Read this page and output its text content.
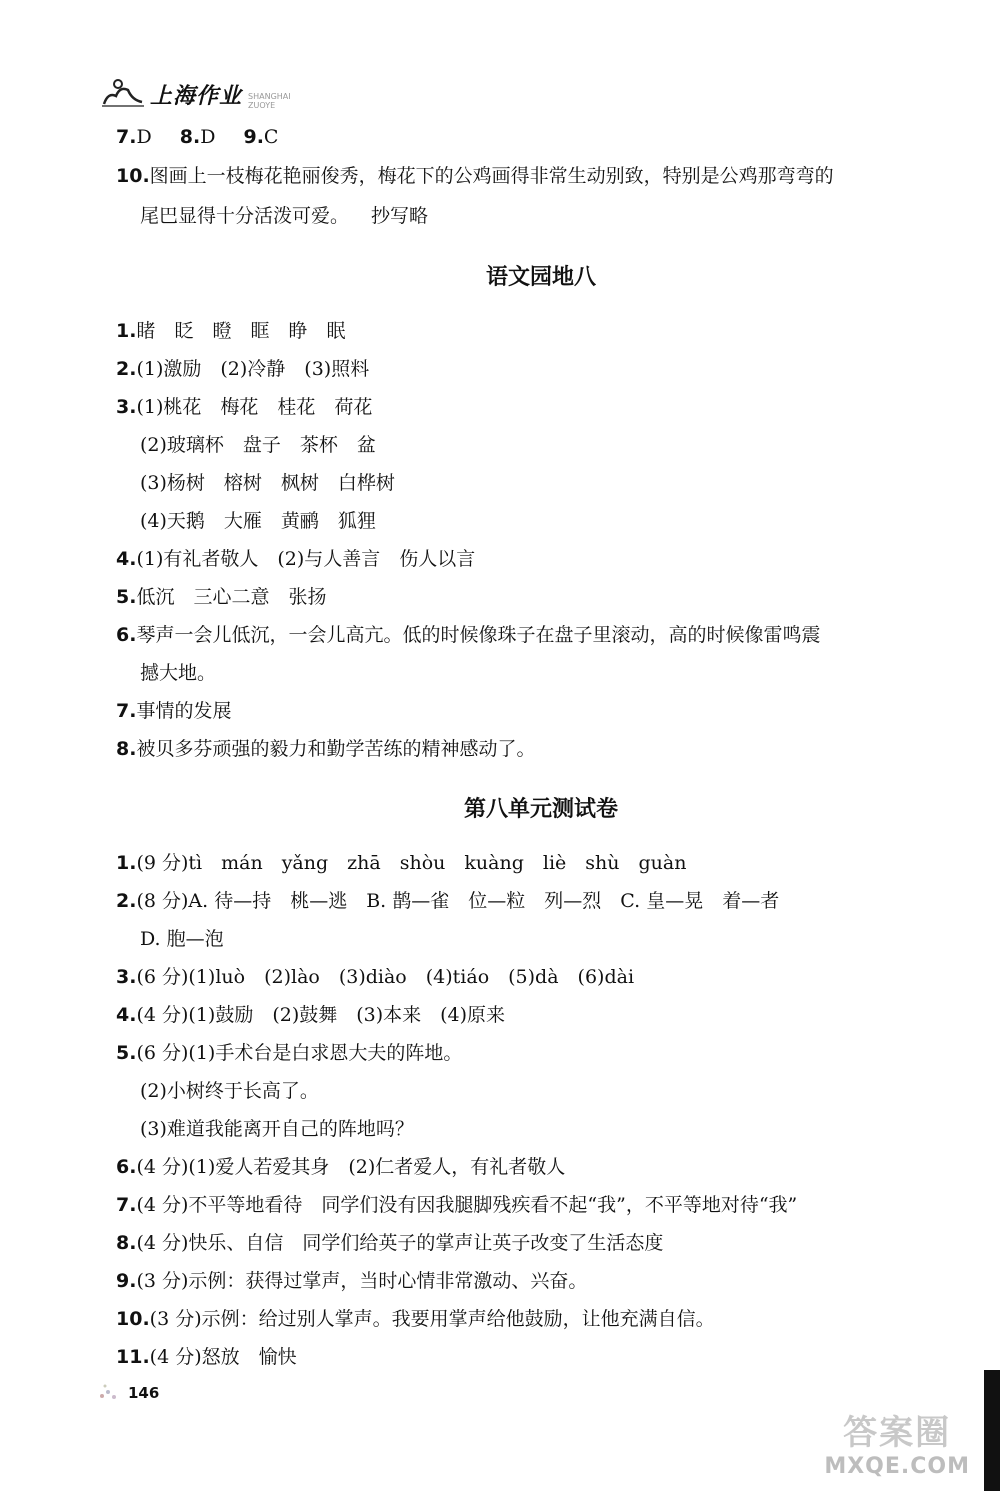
上海作业 SHANGHAI ZUOYE
7.D 8.D 9.C
10.图画上一枝梅花艳丽俊秀，梅花下的公鸡画得非常生动别致，特别是公鸡那弯弯的
尾巴显得十分活泼可爱。 抄写略
语文园地八
1.睹　眨　瞪　眶　睁　眠
2.(1)激励　(2)冷静　(3)照料
3.(1)桃花　梅花　桂花　荷花
(2)玻璃杯　盘子　茶杯　盆
(3)杨树　榕树　枫树　白桦树
(4)天鹅　大雁　黄鹂　狐狸
4.(1)有礼者敬人　(2)与人善言　伤人以言
5.低沉　三心二意　张扬
6.琴声一会儿低沉，一会儿高亢。低的时候像珠子在盘子里滚动，高的时候像雷鸣震
撼大地。
7.事情的发展
8.被贝多芬顽强的毅力和勤学苦练的精神感动了。
第八单元测试卷
1.(9 分)tì　mán　yǎng　zhā　shòu　kuàng　liè　shù　guàn
2.(8 分)A. 待—持　桃—逃　B. 鹊—雀　位—粒　列—烈　C. 皇—晃　着—者
D. 胞—泡
3.(6 分)(1)luò　(2)lào　(3)diào　(4)tiáo　(5)dà　(6)dài
4.(4 分)(1)鼓励　(2)鼓舞　(3)本来　(4)原来
5.(6 分)(1)手术台是白求恩大夫的阵地。
(2)小树终于长高了。
(3)难道我能离开自己的阵地吗？
6.(4 分)(1)爱人若爱其身　(2)仁者爱人，有礼者敬人
7.(4 分)不平等地看待　同学们没有因我腿脚残疾看不起“我”，不平等地对待“我”
8.(4 分)快乐、自信　同学们给英子的掌声让英子改变了生活态度
9.(3 分)示例：获得过掌声，当时心情非常激动、兴奋。
10.(3 分)示例：给过别人掌声。我要用掌声给他鼓励，让他充满自信。
11.(4 分)怒放　愉快
146
答案圈
MXQE.COM
